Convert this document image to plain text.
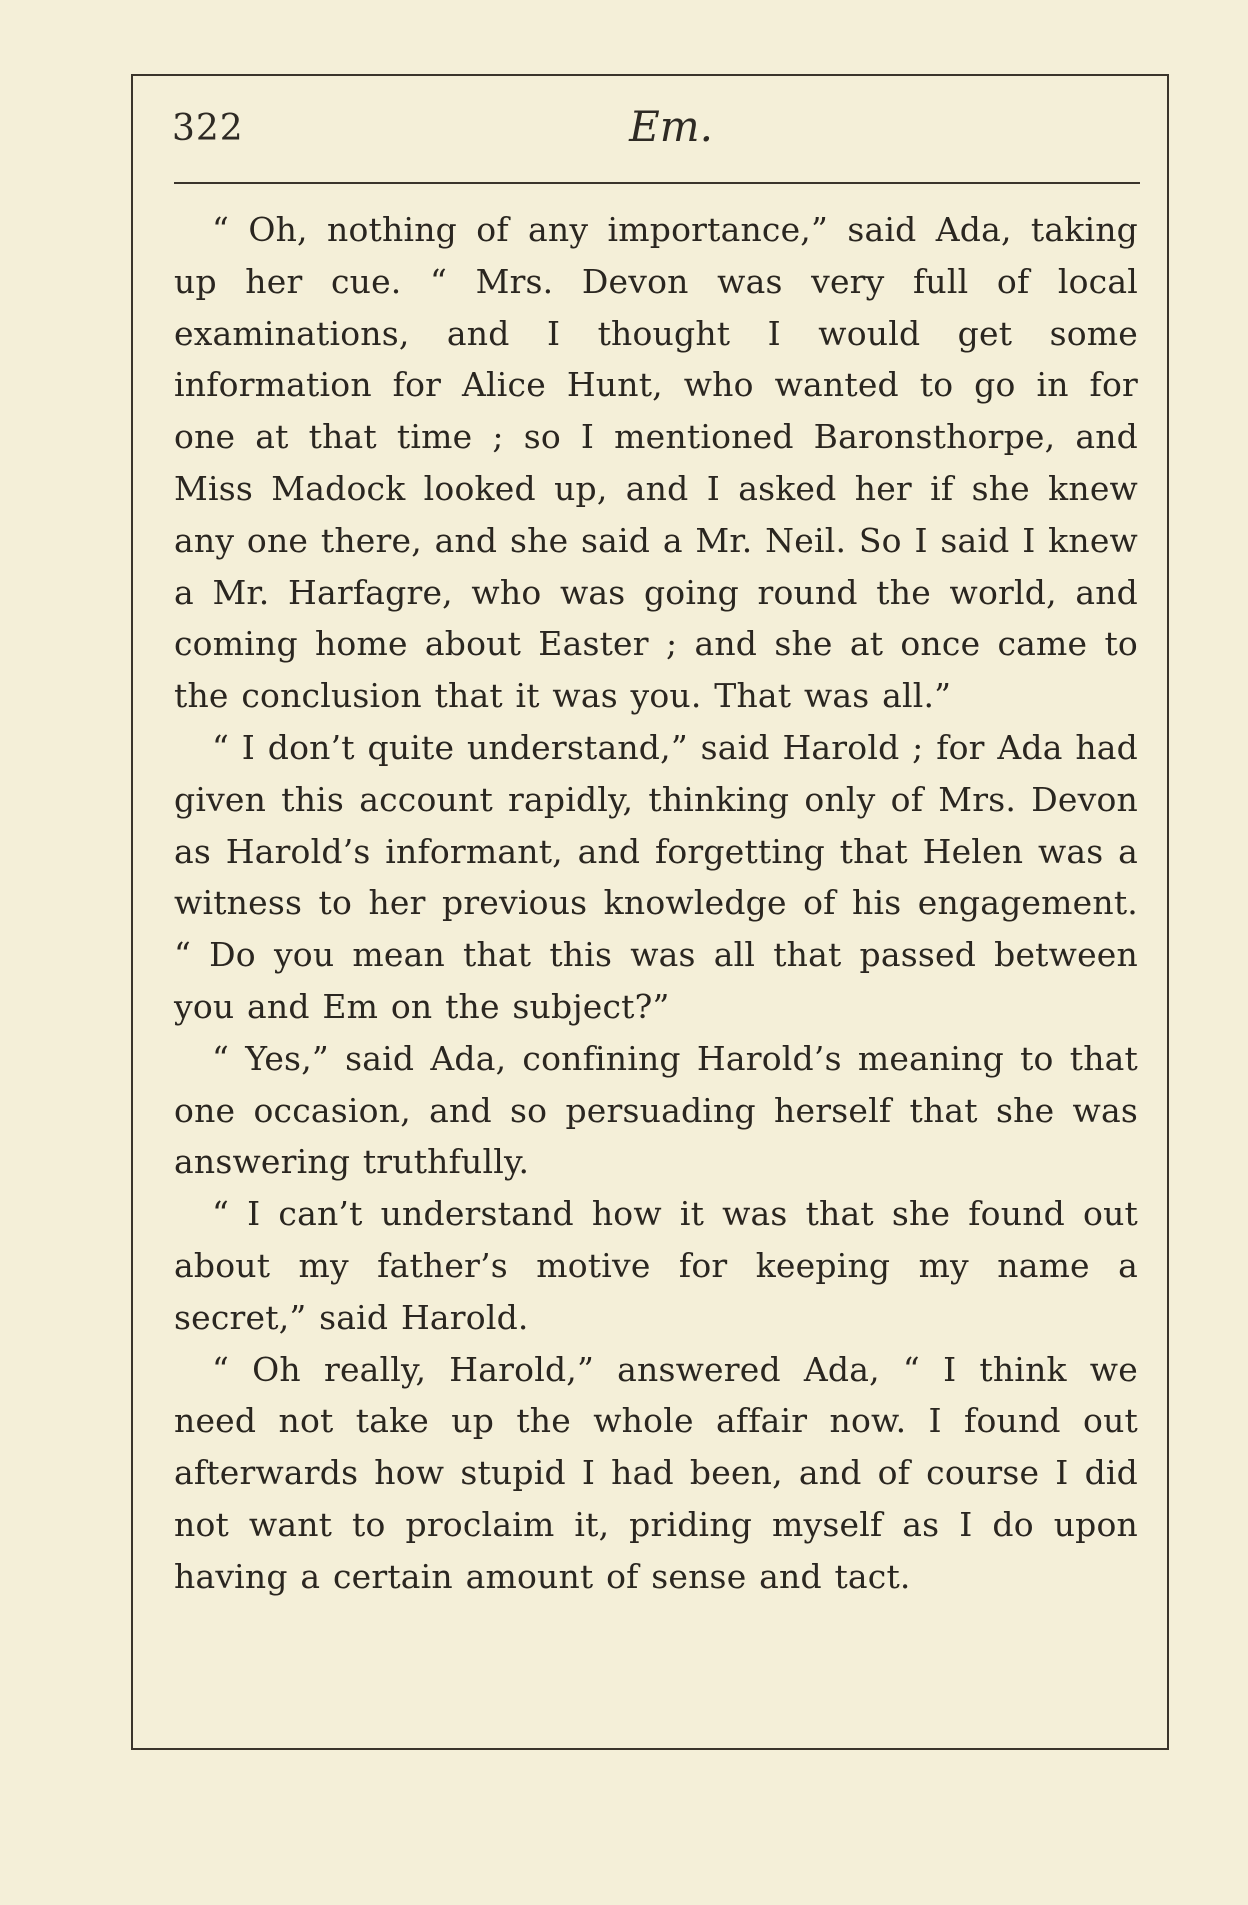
322	Em.

“ Oh, nothing of any importance,” said Ada, taking up her cue. “ Mrs. Devon was very full of local examinations, and I thought I would get some information for Alice Hunt, who wanted to go in for one at that time ; so I mentioned Baronsthorpe, and Miss Madock looked up, and I asked her if she knew any one there, and she said a Mr. Neil. So I said I knew a Mr. Harfagre, who was going round the world, and coming home about Easter ; and she at once came to the conclusion that it was you. That was all.”

“ I don’t quite understand,” said Harold ; for Ada had given this account rapidly, thinking only of Mrs. Devon as Harold’s informant, and forgetting that Helen was a witness to her previous knowledge of his engagement. “ Do you mean that this was all that passed between you and Em on the subject?”

“ Yes,” said Ada, confining Harold’s meaning to that one occasion, and so persuading herself that she was answering truthfully.

“ I can’t understand how it was that she found out about my father’s motive for keeping my name a secret,” said Harold.

“ Oh really, Harold,” answered Ada, “ I think we need not take up the whole affair now. I found out afterwards how stupid I had been, and of course I did not want to proclaim it, priding myself as I do upon having a certain amount of sense and tact.
